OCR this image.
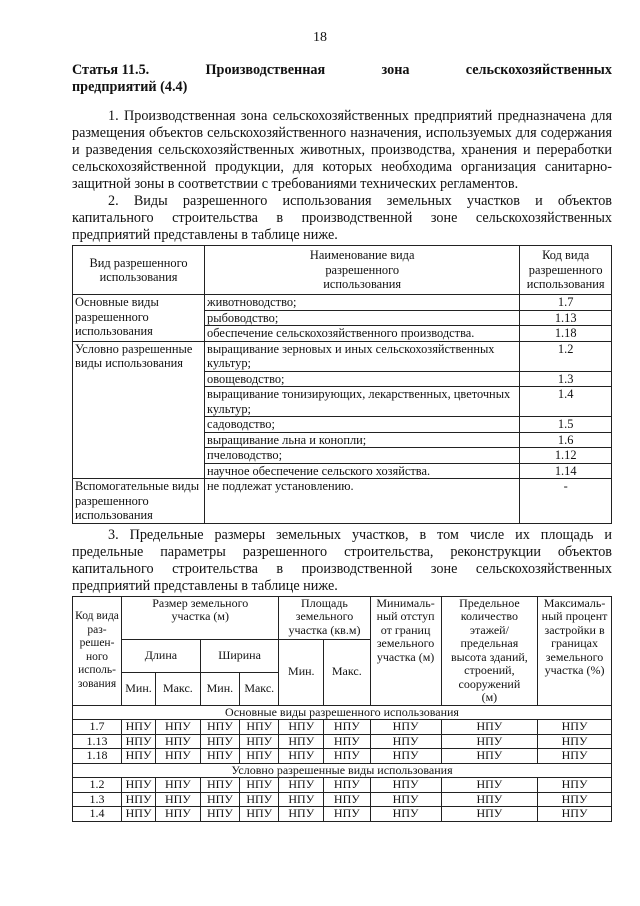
18
Статья 11.5.	Производственная	зона	сельскохозяйственных
предприятий (4.4)

1. Производственная зона сельскохозяйственных предприятий предназначена для размещения объектов сельскохозяйственного назначения, используемых для содержания и разведения сельскохозяйственных животных, производства, хранения и переработки сельскохозяйственной продукции, для которых необходима организация санитарно-защитной зоны в соответствии с требованиями технических регламентов.

2. Виды разрешенного использования земельных участков и объектов капитального строительства в производственной зоне сельскохозяйственных предприятий представлены в таблице ниже.

Вид разрешенного использования	Наименование вида разрешенного использования	Код вида разрешенного использования
Основные виды разрешенного использования	животноводство;	1.7
	рыбоводство;	1.13
	обеспечение сельскохозяйственного производства.	1.18
Условно разрешенные виды использования	выращивание зерновых и иных сельскохозяйственных культур;	1.2
	овощеводство;	1.3
	выращивание тонизирующих, лекарственных, цветочных культур;	1.4
	садоводство;	1.5
	выращивание льна и конопли;	1.6
	пчеловодство;	1.12
	научное обеспечение сельского хозяйства.	1.14
Вспомогательные виды разрешенного использования	не подлежат установлению.	-

3. Предельные размеры земельных участков, в том числе их площадь и предельные параметры разрешенного строительства, реконструкции объектов капитального строительства в производственной зоне сельскохозяйственных предприятий представлены в таблице ниже.

Код вида раз-решен-ного исполь-зования	Размер земельного участка (м)				Площадь земельного участка (кв.м)		Минималь-ный отступ от границ земельного участка (м)	Предельное количество этажей/ предельная высота зданий, строений, сооружений (м)	Максималь-ный процент застройки в границах земельного участка (%)
	Длина		Ширина		Мин.	Макс.			
	Мин.	Макс.	Мин.	Макс.					
Основные виды разрешенного использования									
1.7	НПУ	НПУ	НПУ	НПУ	НПУ	НПУ	НПУ	НПУ	НПУ
1.13	НПУ	НПУ	НПУ	НПУ	НПУ	НПУ	НПУ	НПУ	НПУ
1.18	НПУ	НПУ	НПУ	НПУ	НПУ	НПУ	НПУ	НПУ	НПУ
Условно разрешенные виды использования									
1.2	НПУ	НПУ	НПУ	НПУ	НПУ	НПУ	НПУ	НПУ	НПУ
1.3	НПУ	НПУ	НПУ	НПУ	НПУ	НПУ	НПУ	НПУ	НПУ
1.4	НПУ	НПУ	НПУ	НПУ	НПУ	НПУ	НПУ	НПУ	НПУ
